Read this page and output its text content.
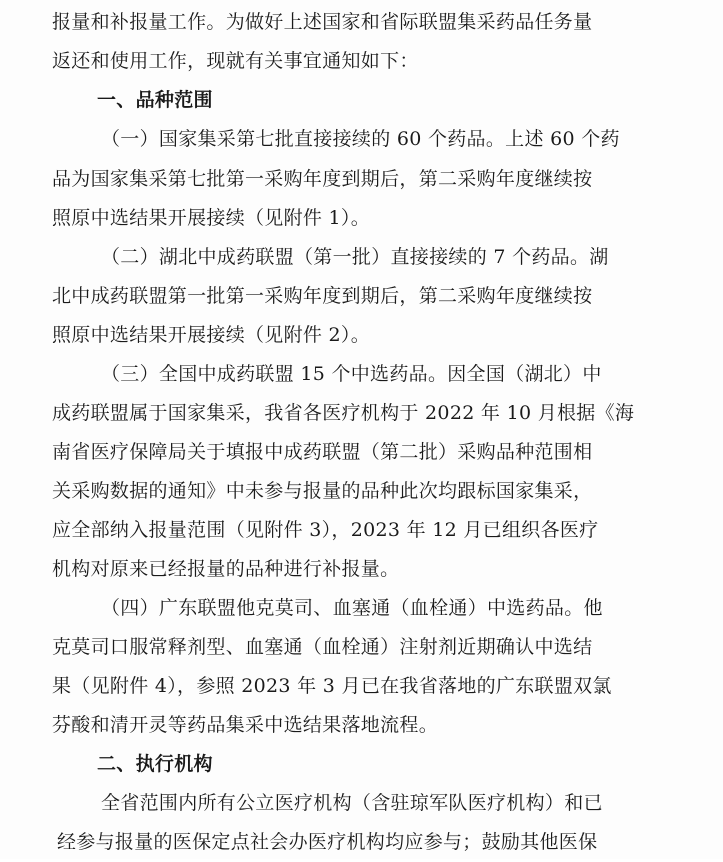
报量和补报量工作。为做好上述国家和省际联盟集采药品任务量
返还和使用工作，现就有关事宜通知如下：
一、品种范围
（一）国家集采第七批直接接续的 60 个药品。上述 60 个药
品为国家集采第七批第一采购年度到期后，第二采购年度继续按
照原中选结果开展接续（见附件 1）。
（二）湖北中成药联盟（第一批）直接接续的 7 个药品。湖
北中成药联盟第一批第一采购年度到期后，第二采购年度继续按
照原中选结果开展接续（见附件 2）。
（三）全国中成药联盟 15 个中选药品。因全国（湖北）中
成药联盟属于国家集采，我省各医疗机构于 2022 年 10 月根据《海
南省医疗保障局关于填报中成药联盟（第二批）采购品种范围相
关采购数据的通知》中未参与报量的品种此次均跟标国家集采，
应全部纳入报量范围（见附件 3），2023 年 12 月已组织各医疗
机构对原来已经报量的品种进行补报量。
（四）广东联盟他克莫司、血塞通（血栓通）中选药品。他
克莫司口服常释剂型、血塞通（血栓通）注射剂近期确认中选结
果（见附件 4），参照 2023 年 3 月已在我省落地的广东联盟双氯
芬酸和清开灵等药品集采中选结果落地流程。
二、执行机构
全省范围内所有公立医疗机构（含驻琼军队医疗机构）和已
经参与报量的医保定点社会办医疗机构均应参与；鼓励其他医保
